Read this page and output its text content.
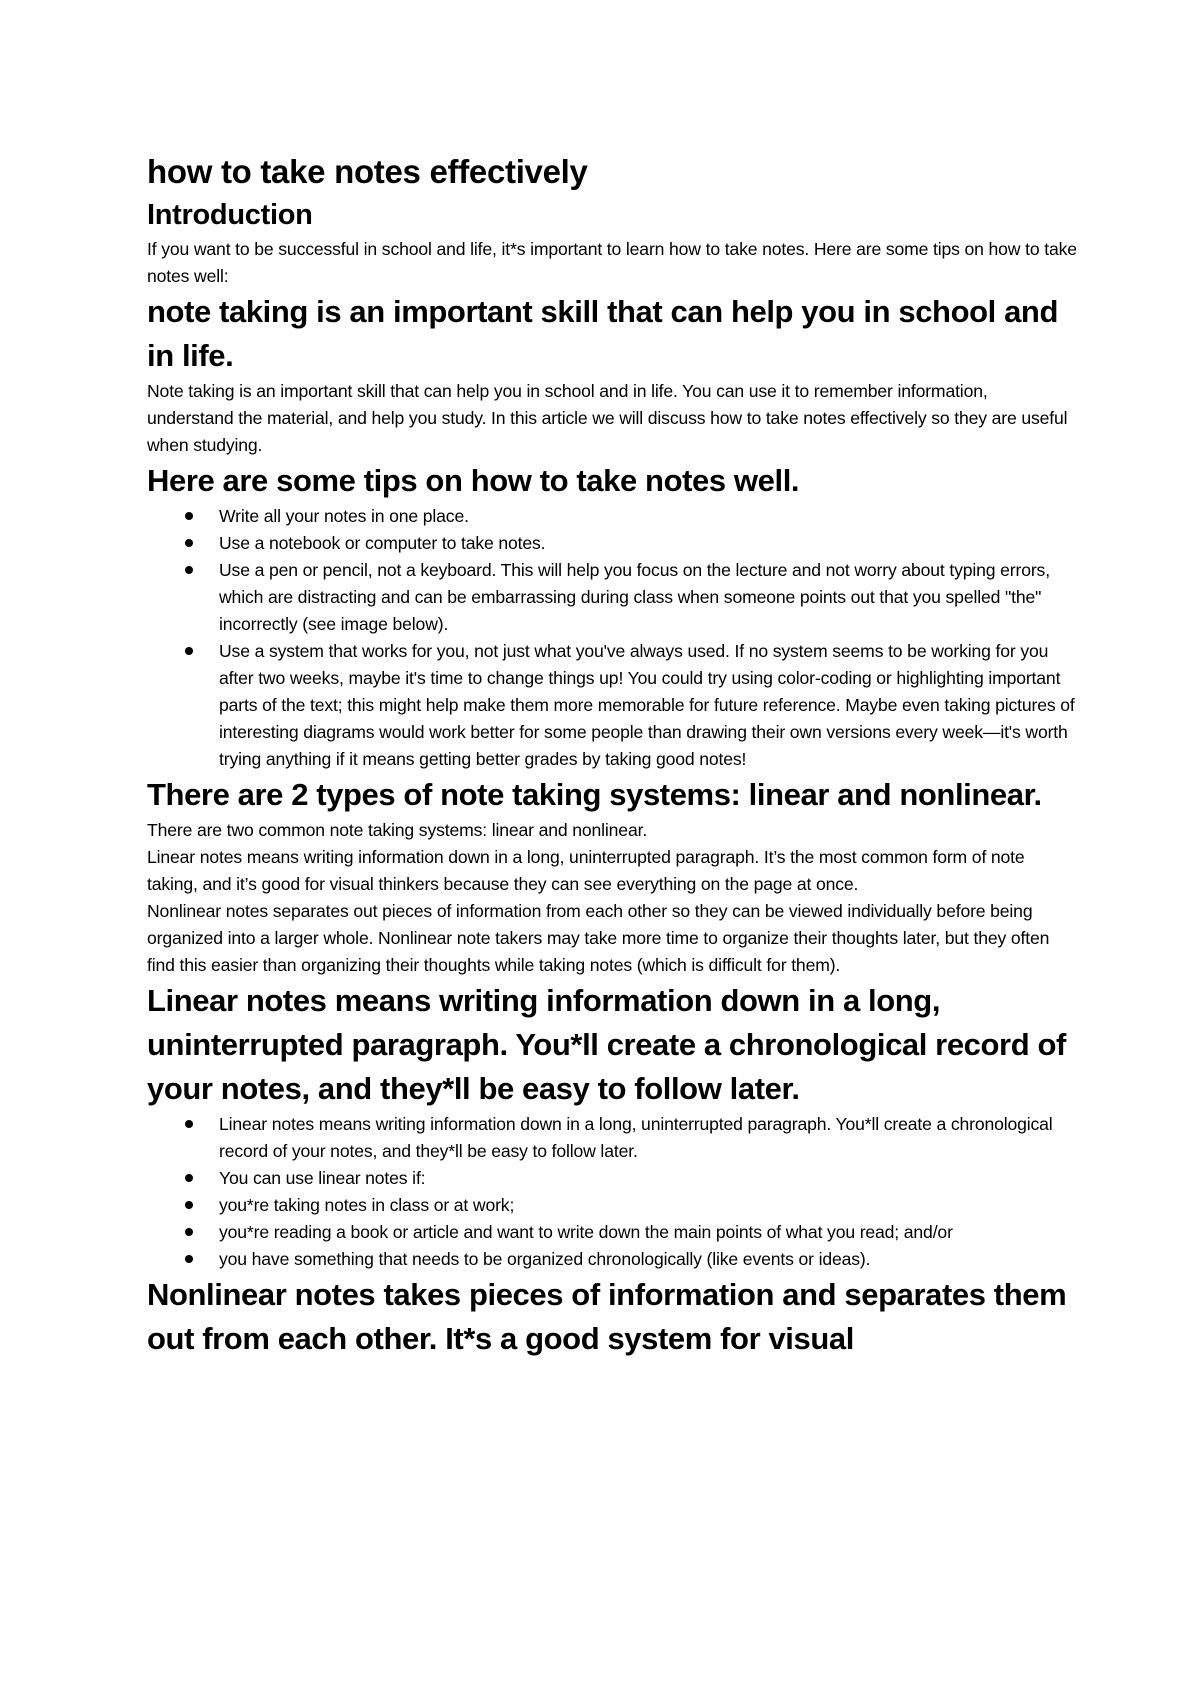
how to take notes effectively
Introduction

If you want to be successful in school and life, it*s important to learn how to take notes. Here are some tips on how to take notes well:

note taking is an important skill that can help you in school and in life.

Note taking is an important skill that can help you in school and in life. You can use it to remember information, understand the material, and help you study. In this article we will discuss how to take notes effectively so they are useful when studying.

Here are some tips on how to take notes well.
Write all your notes in one place.
Use a notebook or computer to take notes.
Use a pen or pencil, not a keyboard. This will help you focus on the lecture and not worry about typing errors, which are distracting and can be embarrassing during class when someone points out that you spelled "the" incorrectly (see image below).
Use a system that works for you, not just what you've always used. If no system seems to be working for you after two weeks, maybe it's time to change things up! You could try using color-coding or highlighting important parts of the text; this might help make them more memorable for future reference. Maybe even taking pictures of interesting diagrams would work better for some people than drawing their own versions every week—it's worth trying anything if it means getting better grades by taking good notes!
There are 2 types of note taking systems: linear and nonlinear.

There are two common note taking systems: linear and nonlinear.

Linear notes means writing information down in a long, uninterrupted paragraph. It’s the most common form of note taking, and it’s good for visual thinkers because they can see everything on the page at once.

Nonlinear notes separates out pieces of information from each other so they can be viewed individually before being organized into a larger whole. Nonlinear note takers may take more time to organize their thoughts later, but they often find this easier than organizing their thoughts while taking notes (which is difficult for them).

Linear notes means writing information down in a long, uninterrupted paragraph. You*ll create a chronological record of your notes, and they*ll be easy to follow later.
Linear notes means writing information down in a long, uninterrupted paragraph. You*ll create a chronological record of your notes, and they*ll be easy to follow later.
You can use linear notes if:
you*re taking notes in class or at work;
you*re reading a book or article and want to write down the main points of what you read; and/or
you have something that needs to be organized chronologically (like events or ideas).
Nonlinear notes takes pieces of information and separates them out from each other. It*s a good system for visual
